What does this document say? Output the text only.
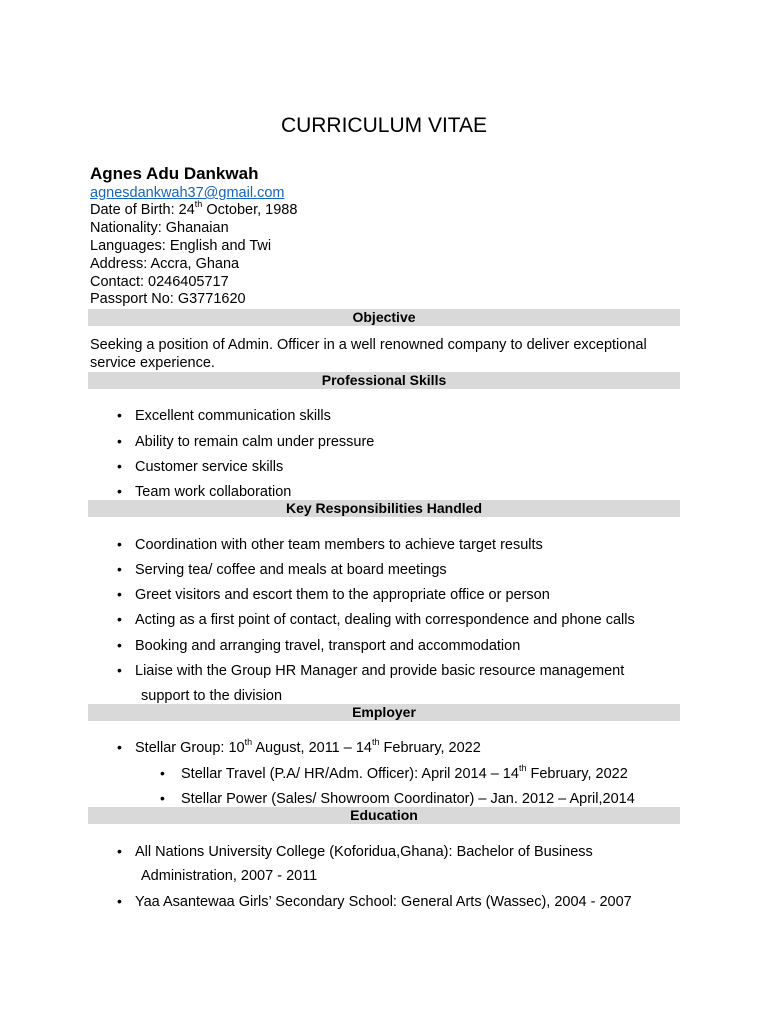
CURRICULUM VITAE
Agnes Adu Dankwah
agnesdankwah37@gmail.com
Date of Birth: 24th October, 1988
Nationality: Ghanaian
Languages: English and Twi
Address: Accra, Ghana
Contact: 0246405717
Passport No: G3771620
Objective
Seeking a position of Admin. Officer in a well renowned company to deliver exceptional service experience.
Professional Skills
• Excellent communication skills
• Ability to remain calm under pressure
• Customer service skills
• Team work collaboration
Key Responsibilities Handled
• Coordination with other team members to achieve target results
• Serving tea/ coffee and meals at board meetings
• Greet visitors and escort them to the appropriate office or person
• Acting as a first point of contact, dealing with correspondence and phone calls
• Booking and arranging travel, transport and accommodation
• Liaise with the Group HR Manager and provide basic resource management
support to the division
Employer
• Stellar Group: 10th August, 2011 – 14th February, 2022
• Stellar Travel (P.A/ HR/Adm. Officer): April 2014 – 14th February, 2022
• Stellar Power (Sales/ Showroom Coordinator) – Jan. 2012 – April,2014
Education
• All Nations University College (Koforidua,Ghana): Bachelor of Business
Administration, 2007 - 2011
• Yaa Asantewaa Girls’ Secondary School: General Arts (Wassec), 2004 - 2007
